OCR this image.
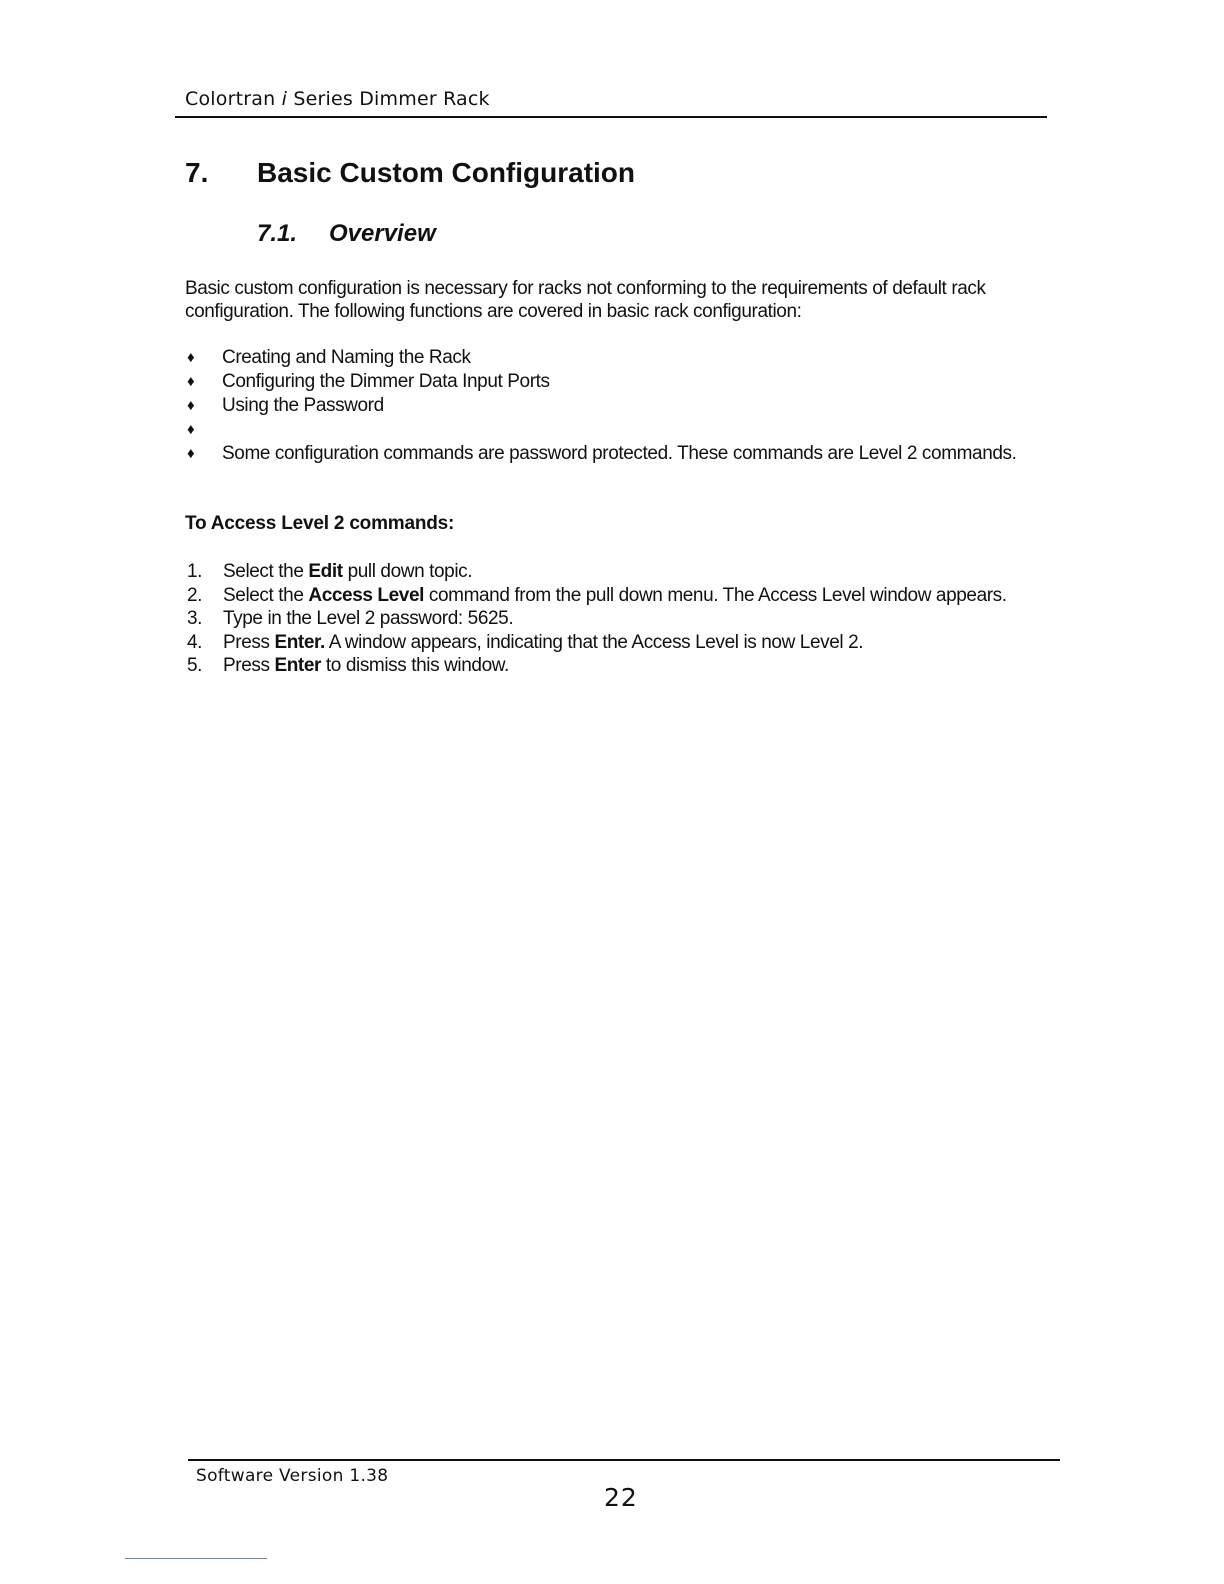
Colortran i Series Dimmer Rack
7. Basic Custom Configuration
7.1. Overview
Basic custom configuration is necessary for racks not conforming to the requirements of default rack configuration. The following functions are covered in basic rack configuration:
♦ Creating and Naming the Rack
♦ Configuring the Dimmer Data Input Ports
♦ Using the Password
♦
♦ Some configuration commands are password protected. These commands are Level 2 commands.
To Access Level 2 commands:
1. Select the Edit pull down topic.
2. Select the Access Level command from the pull down menu. The Access Level window appears.
3. Type in the Level 2 password: 5625.
4. Press Enter. A window appears, indicating that the Access Level is now Level 2.
5. Press Enter to dismiss this window.
Software Version 1.38
22
